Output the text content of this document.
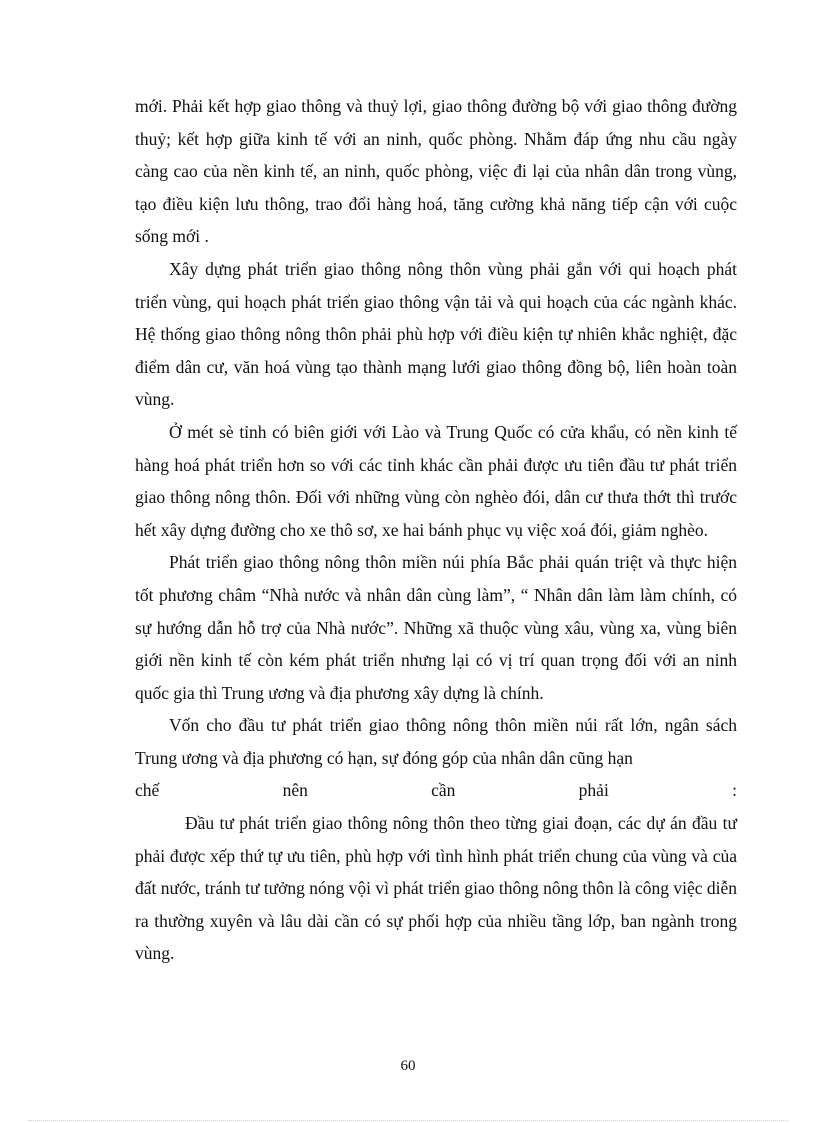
mới. Phải kết hợp giao thông và thuỷ lợi, giao thông đường bộ với giao thông đường thuỷ; kết hợp giữa kinh tế với an ninh, quốc phòng. Nhằm đáp ứng nhu cầu ngày càng cao của nền kinh tế, an ninh, quốc phòng, việc đi lại của nhân dân trong vùng, tạo điều kiện lưu thông, trao đổi hàng hoá, tăng cường khả năng tiếp cận với cuộc sống mới .

Xây dựng phát triển giao thông nông thôn vùng phải gắn với qui hoạch phát triển vùng, qui hoạch phát triển giao thông vận tải và qui hoạch của các ngành khác. Hệ thống giao thông nông thôn phải phù hợp với điều kiện tự nhiên khắc nghiệt, đặc điểm dân cư, văn hoá vùng tạo thành mạng lưới giao thông đồng bộ, liên hoàn toàn vùng.

Ở mét sè tỉnh có biên giới với Lào và Trung Quốc có cửa khẩu, có nền kinh tế hàng hoá phát triển hơn so với các tỉnh khác cần phải được ưu tiên đầu tư phát triển giao thông nông thôn. Đối với những vùng còn nghèo đói, dân cư thưa thớt thì trước hết xây dựng đường cho xe thô sơ, xe hai bánh phục vụ việc xoá đói, giảm nghèo.

Phát triển giao thông nông thôn miền núi phía Bắc phải quán triệt và thực hiện tốt phương châm “Nhà nước và nhân dân cùng làm”, “ Nhân dân làm làm chính, có sự hướng dẫn hỗ trợ của Nhà nước”. Những xã thuộc vùng xâu, vùng xa, vùng biên giới nền kinh tế còn kém phát triển nhưng lại có vị trí quan trọng đối với an ninh quốc gia thì Trung ương và địa phương xây dựng là chính.

Vốn cho đầu tư phát triển giao thông nông thôn miền núi rất lớn, ngân sách Trung ương và địa phương có hạn, sự đóng góp của nhân dân cũng hạn

chế	nên	cần	phải	:

Đầu tư phát triển giao thông nông thôn theo từng giai đoạn, các dự án đầu tư phải được xếp thứ tự ưu tiên, phù hợp với tình hình phát triển chung của vùng và của đất nước, tránh tư tưởng nóng vội vì phát triển giao thông nông thôn là công việc diễn ra thường xuyên và lâu dài cần có sự phối hợp của nhiều tầng lớp, ban ngành trong vùng.

60
